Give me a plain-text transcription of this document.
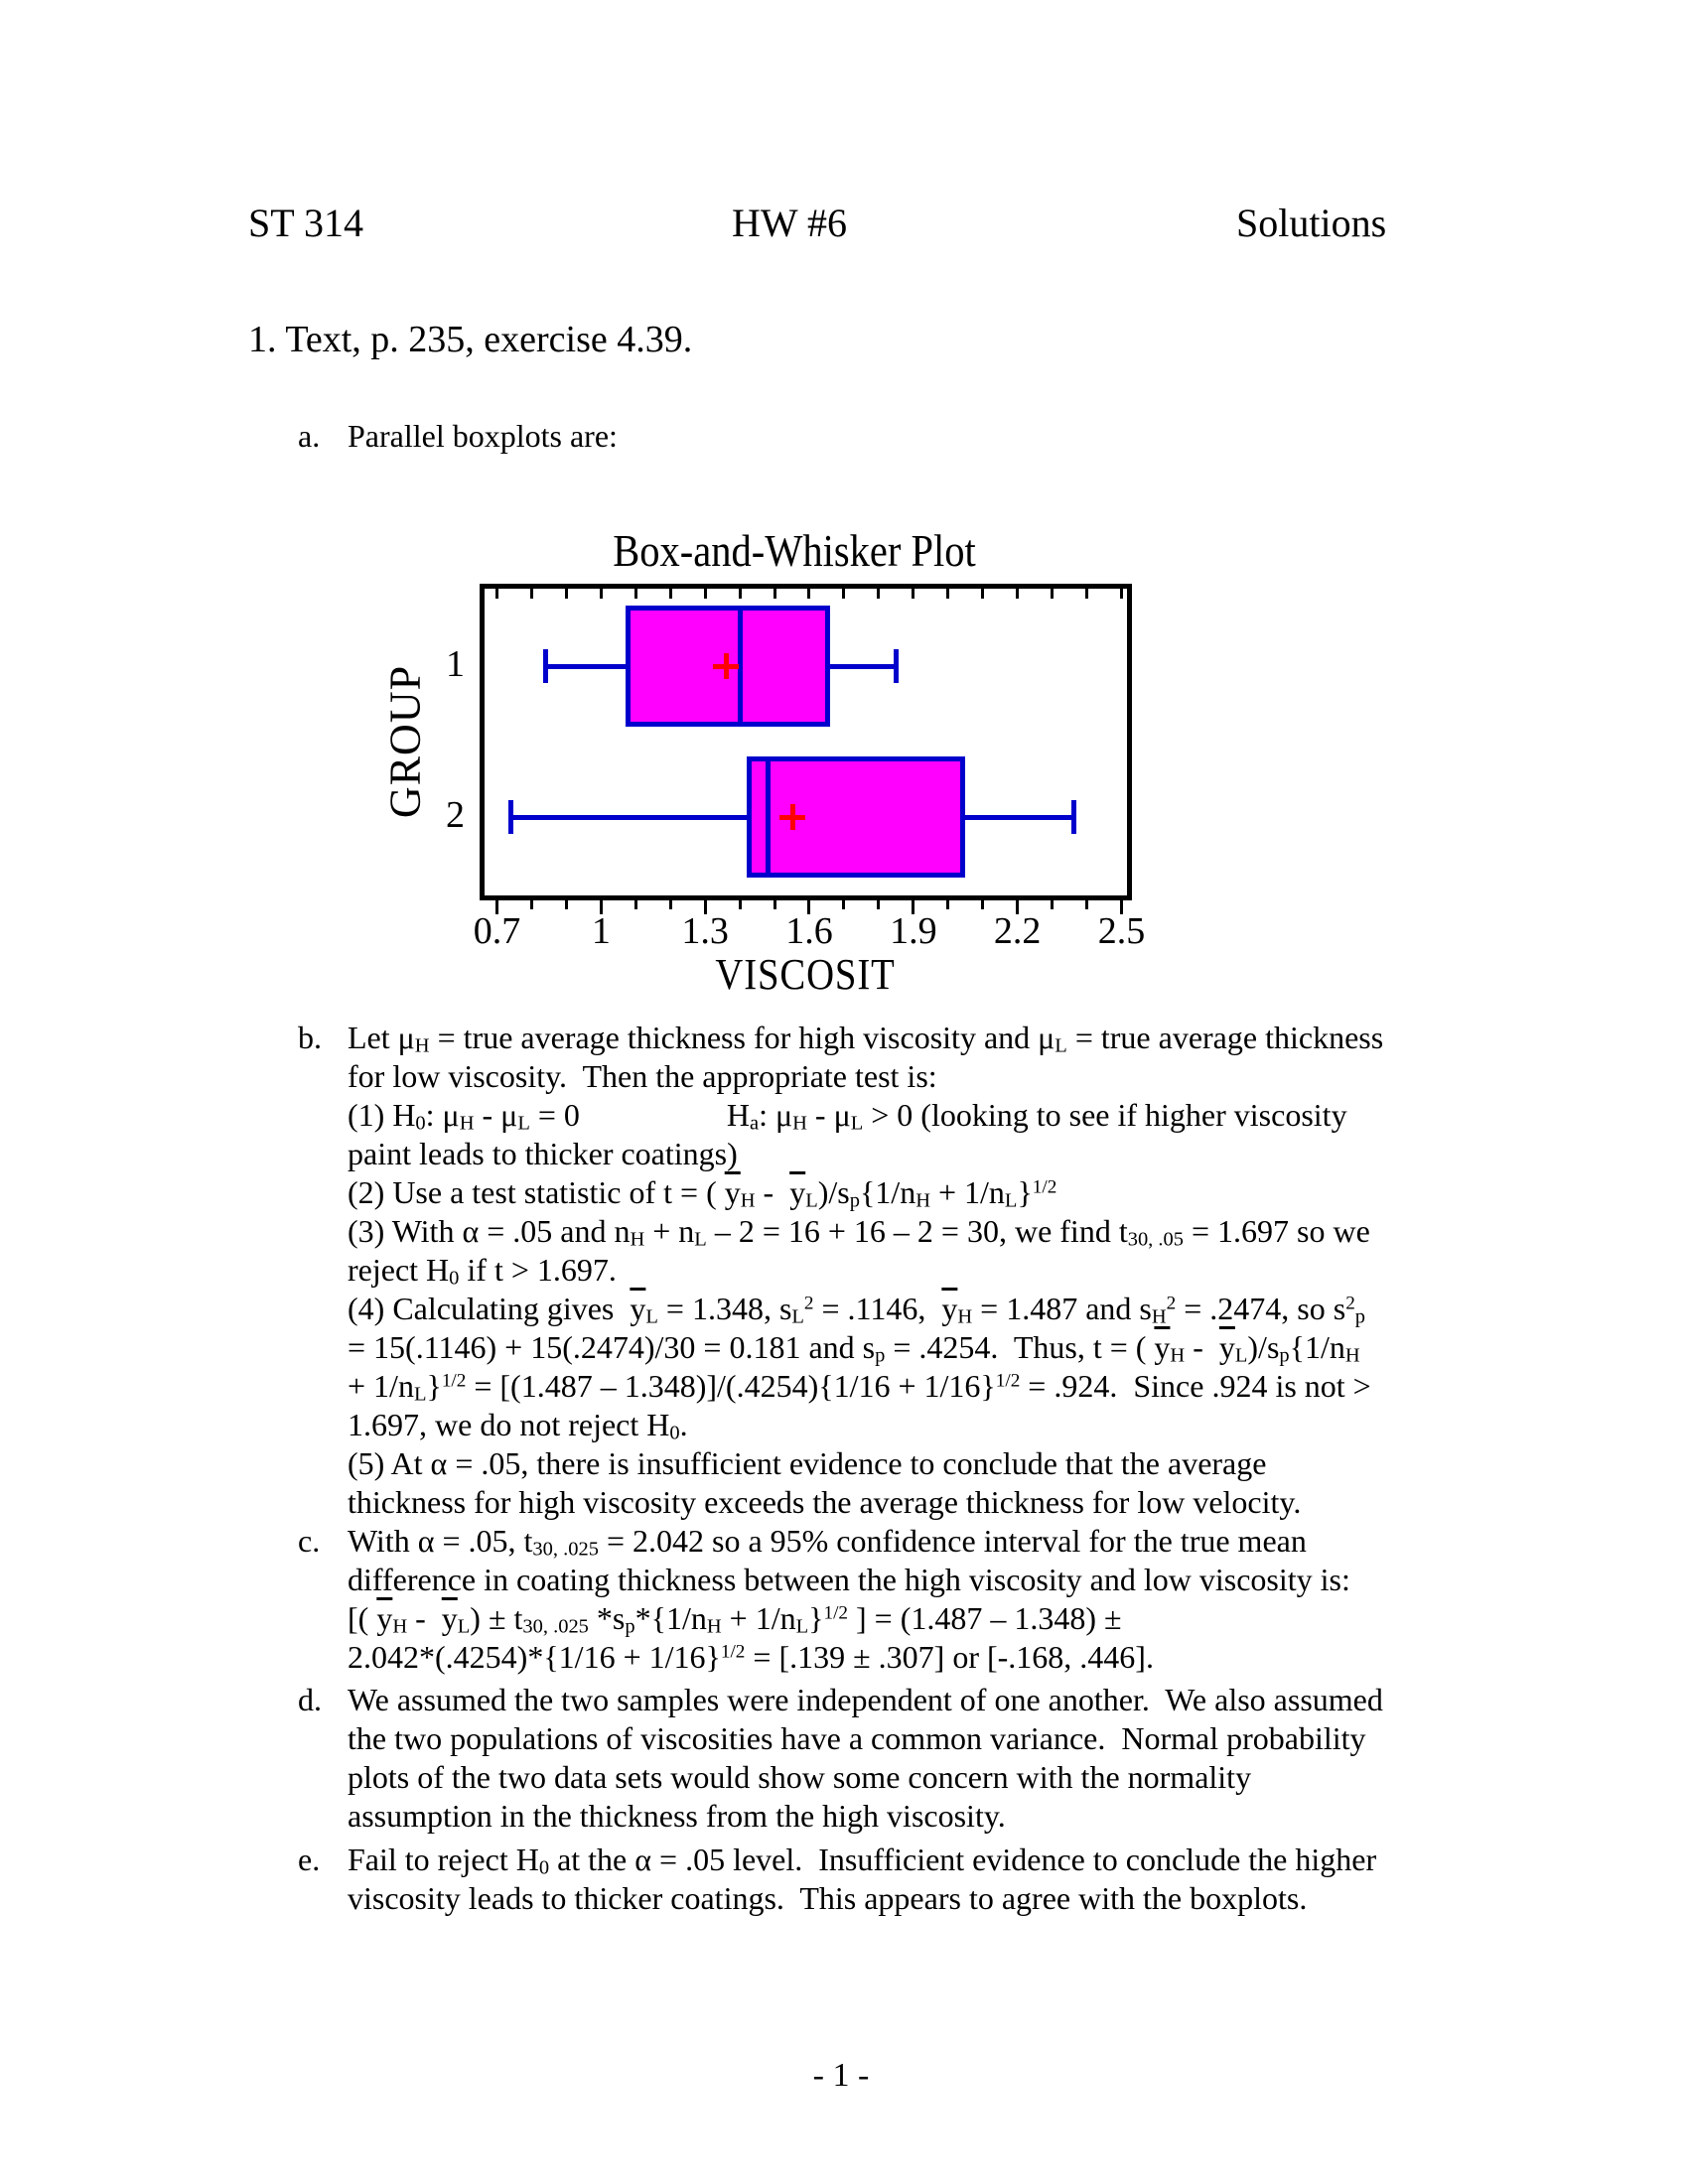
ST 314	HW #6	Solutions
1. Text, p. 235, exercise 4.39.
a. Parallel boxplots are:
b. Let $\mu_H$ = true average thickness for high viscosity and $\mu_L$ = true average thickness
for low viscosity.  Then the appropriate test is:
(1) $H_0$: $\mu_H - \mu_L = 0$	$H_a$: $\mu_H - \mu_L > 0$ (looking to see if higher viscosity
paint leads to thicker coatings)
(2) Use a test statistic of t = ( $\overline{y}_H - \overline{y}_L)/s_p\{1/n_H + 1/n_L\}^{1/2}$
(3) With α = .05 and $n_H + n_L - 2 = 16 + 16 - 2 = 30$, we find $t_{30, .05} = 1.697$ so we
reject $H_0$ if t > 1.697.
(4) Calculating gives  $\overline{y}_L = 1.348$, $s_L^2 = .1146$,  $\overline{y}_H = 1.487$ and $s_H^2 = .2474$, so $s^2_p$
= 15(.1146) + 15(.2474)/30 = 0.181 and $s_p = .4254$.  Thus, t = ( $\overline{y}_H - \overline{y}_L)/s_p\{1/n_H$
+ $1/n_L\}^{1/2} = [(1.487 - 1.348)]/(.4254)\{1/16 + 1/16\}^{1/2} = .924$.  Since .924 is not >
1.697, we do not reject $H_0$.
(5) At α = .05, there is insufficient evidence to conclude that the average
thickness for high viscosity exceeds the average thickness for low velocity.
c. With α = .05, $t_{30, .025} = 2.042$ so a 95% confidence interval for the true mean
difference in coating thickness between the high viscosity and low viscosity is:
[( $\overline{y}_H - \overline{y}_L) \pm t_{30, .025}$ $*s_p*\{1/n_H + 1/n_L\}^{1/2}$ ] = (1.487 – 1.348) ±
$2.042*(.4254)*\{1/16 + 1/16\}^{1/2} = [.139 \pm .307]$ or [-.168, .446].
d. We assumed the two samples were independent of one another.  We also assumed
the two populations of viscosities have a common variance.  Normal probability
plots of the two data sets would show some concern with the normality
assumption in the thickness from the high viscosity.
e. Fail to reject $H_0$ at the α = .05 level.  Insufficient evidence to conclude the higher
viscosity leads to thicker coatings.  This appears to agree with the boxplots.
Box-and-Whisker Plot
VISCOSIT
GROUP
0.7 1 1.3 1.6 1.9 2.2 2.5
1
2
- 1 -
